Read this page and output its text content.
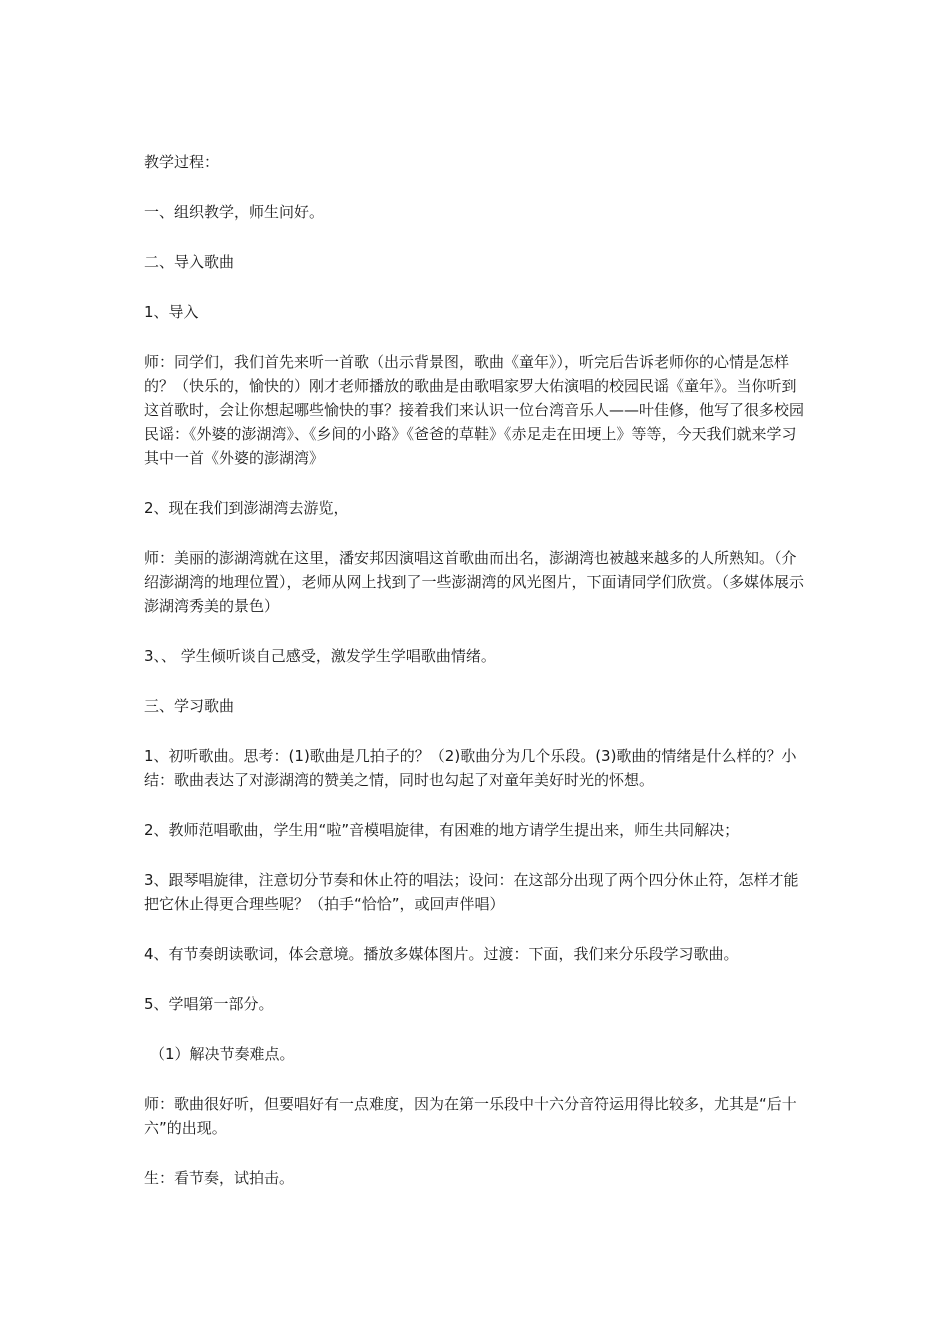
教学过程：

一、组织教学，师生问好。

二、导入歌曲

1、导入

师：同学们，我们首先来听一首歌（出示背景图，歌曲《童年》），听完后告诉老师你的心情是怎样的？（快乐的，愉快的）刚才老师播放的歌曲是由歌唱家罗大佑演唱的校园民谣《童年》。当你听到这首歌时，会让你想起哪些愉快的事？接着我们来认识一位台湾音乐人——叶佳修，他写了很多校园民谣：《外婆的澎湖湾》、《乡间的小路》《爸爸的草鞋》《赤足走在田埂上》等等，今天我们就来学习其中一首《外婆的澎湖湾》

2、现在我们到澎湖湾去游览，

师：美丽的澎湖湾就在这里，潘安邦因演唱这首歌曲而出名，澎湖湾也被越来越多的人所熟知。（介绍澎湖湾的地理位置），老师从网上找到了一些澎湖湾的风光图片，下面请同学们欣赏。（多媒体展示澎湖湾秀美的景色）

3、、 学生倾听谈自己感受，激发学生学唱歌曲情绪。

三、学习歌曲

1、初听歌曲。思考：(1)歌曲是几拍子的？（2)歌曲分为几个乐段。(3)歌曲的情绪是什么样的？小结：歌曲表达了对澎湖湾的赞美之情，同时也勾起了对童年美好时光的怀想。

2、教师范唱歌曲，学生用“啦”音模唱旋律，有困难的地方请学生提出来，师生共同解决；

3、跟琴唱旋律，注意切分节奏和休止符的唱法；设问：在这部分出现了两个四分休止符，怎样才能把它休止得更合理些呢？（拍手“恰恰”，或回声伴唱）

4、有节奏朗读歌词，体会意境。播放多媒体图片。过渡：下面，我们来分乐段学习歌曲。

5、学唱第一部分。

（1）解决节奏难点。

师：歌曲很好听，但要唱好有一点难度，因为在第一乐段中十六分音符运用得比较多，尤其是“后十六”的出现。

生：看节奏，试拍击。
